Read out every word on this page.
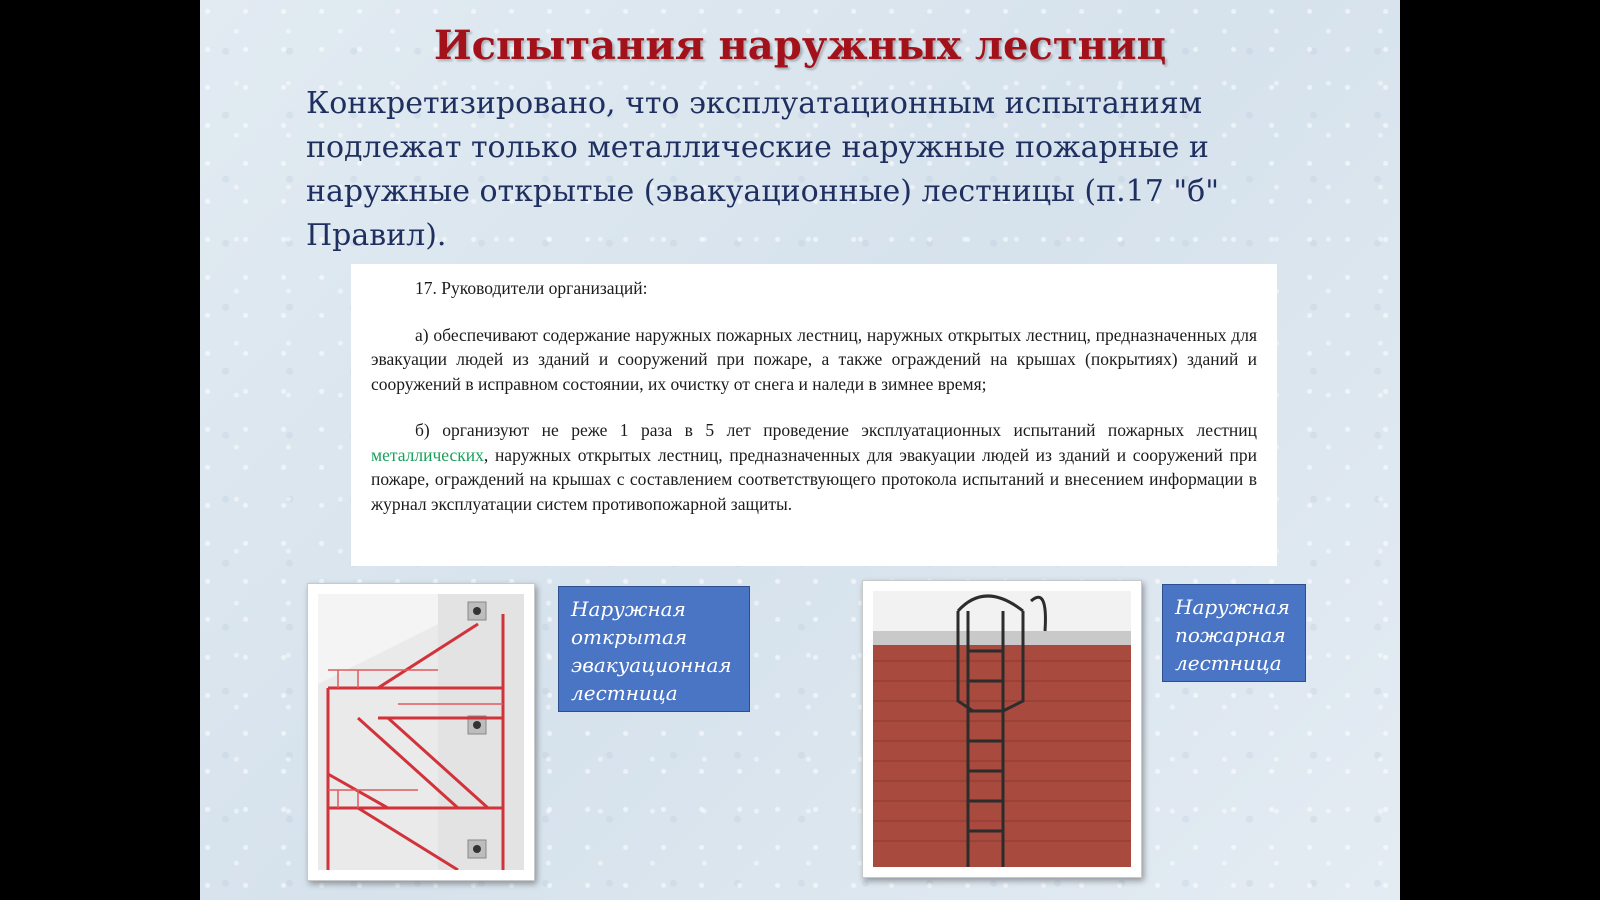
Испытания наружных лестниц

Конкретизировано, что эксплуатационным испытаниям подлежат только металлические наружные пожарные и наружные открытые (эвакуационные) лестницы (п.17 "б" Правил).

17. Руководители организаций:

а) обеспечивают содержание наружных пожарных лестниц, наружных открытых лестниц, предназначенных для эвакуации людей из зданий и сооружений при пожаре, а также ограждений на крышах (покрытиях) зданий и сооружений в исправном состоянии, их очистку от снега и наледи в зимнее время;

б) организуют не реже 1 раза в 5 лет проведение эксплуатационных испытаний пожарных лестниц металлических, наружных открытых лестниц, предназначенных для эвакуации людей из зданий и сооружений при пожаре, ограждений на крышах с составлением соответствующего протокола испытаний и внесением информации в журнал эксплуатации систем противопожарной защиты.

Наружная открытая эвакуационная лестница
Наружная пожарная лестница
